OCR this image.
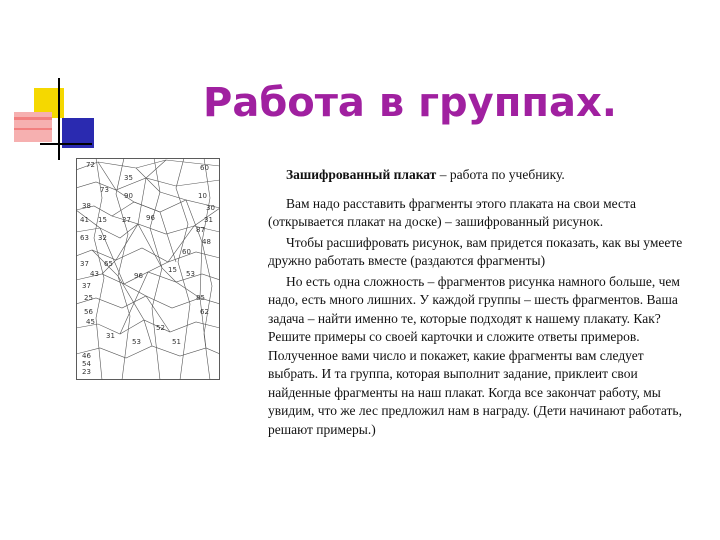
Работа в группах.
72	60
35
73
90	10
38	30
41 15 27 96	31
87
63 32	48
60
37 65
43	15 53
96
37
25	85
56
45
52
62
31
53	51
46
54
23

Зашифрованный плакат – работа по учебнику.

Вам надо расставить фрагменты этого плаката на свои места (открывается плакат на доске) – зашифрованный рисунок.

Чтобы расшифровать рисунок, вам придется показать, как вы умеете дружно работать вместе (раздаются фрагменты)

Но есть одна сложность – фрагментов рисунка намного больше, чем надо, есть много лишних. У каждой группы – шесть фрагментов. Ваша задача – найти именно те, которые подходят к нашему плакату. Как? Решите примеры со своей карточки и сложите ответы примеров. Полученное вами число и покажет, какие фрагменты вам следует выбрать. И та группа, которая выполнит задание, приклеит свои найденные фрагменты на наш плакат. Когда все закончат работу, мы увидим, что же лес предложил нам в награду. (Дети начинают работать, решают примеры.)
